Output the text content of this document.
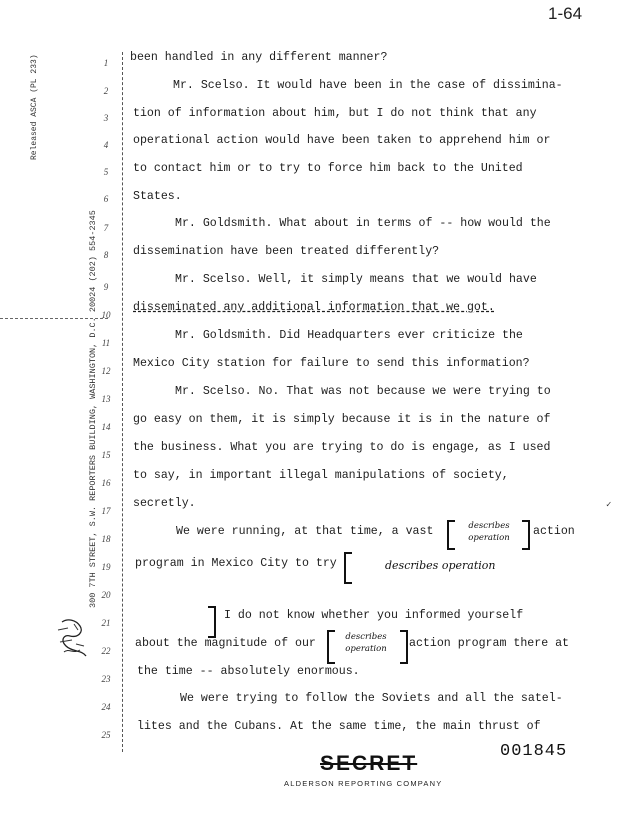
1-64
300 7TH STREET, S.W. REPORTERS BUILDING, WASHINGTON, D.C. 20024 (202) 554-2345
Released ASCA (PL 233)	1
2
3
4
5
6
7
8
9
10
11
12
13
14
15
16
17
18
19
20
21
22
23
24
25
been handled in any different manner?
Mr. Scelso. It would have been in the case of dissimina-
tion of information about him, but I do not think that any
operational action would have been taken to apprehend him or
to contact him or to try to force him back to the United
States.
Mr. Goldsmith. What about in terms of -- how would the
dissemination have been treated differently?
Mr. Scelso. Well, it simply means that we would have
disseminated any additional information that we got.
Mr. Goldsmith. Did Headquarters ever criticize the
Mexico City station for failure to send this information?
Mr. Scelso. No. That was not because we were trying to
go easy on them, it is simply because it is in the nature of
the business. What you are trying to do is engage, as I used
to say, in important illegal manipulations of society,
secretly.
We were running, at that time, a vast	describes
operation	action
program in Mexico City to try	describes operation
I do not know whether you informed yourself
about the magnitude of our	describes
operation	action program there at
the time -- absolutely enormous.
We were trying to follow the Soviets and all the satel-
lites and the Cubans. At the same time, the main thrust of
✓
001845
SECRET
ALDERSON REPORTING COMPANY
